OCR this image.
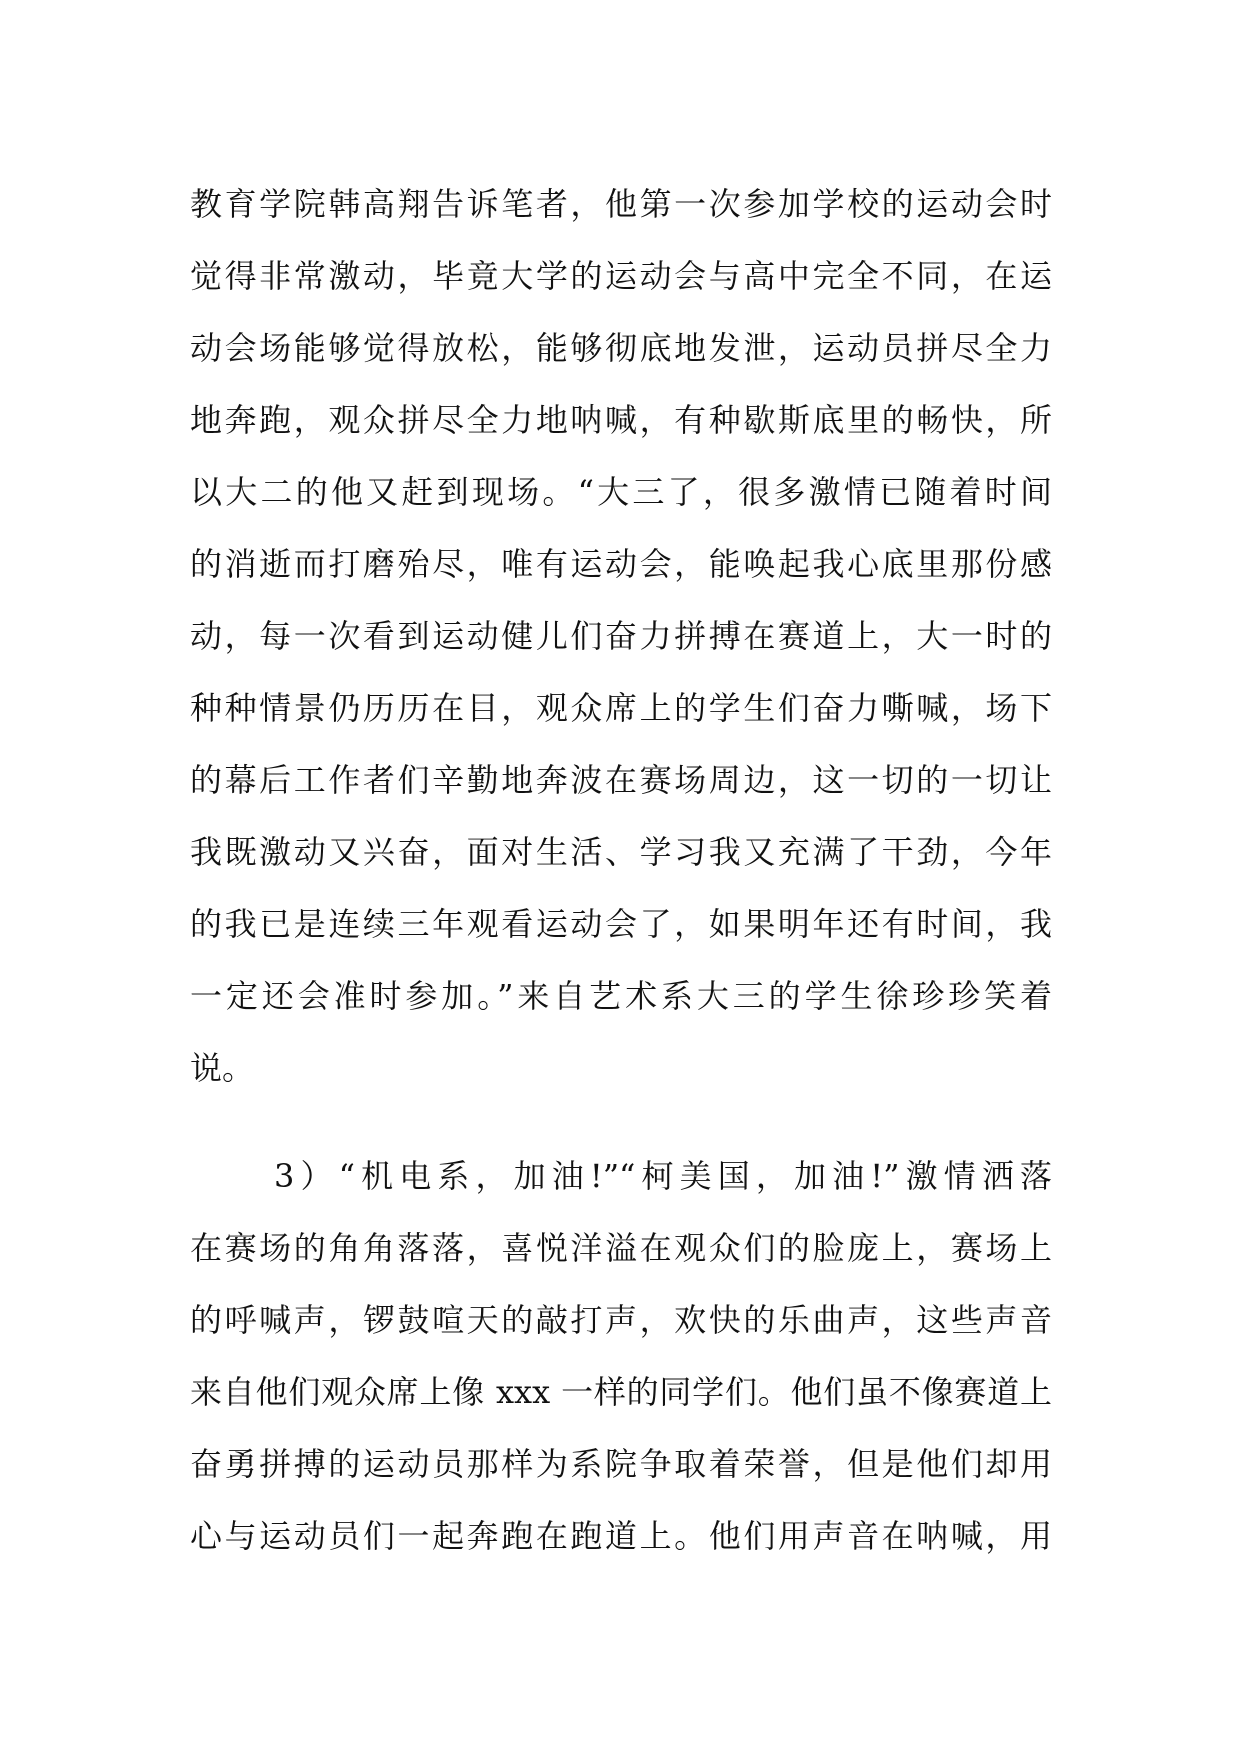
教育学院韩高翔告诉笔者，他第一次参加学校的运动会时
觉得非常激动，毕竟大学的运动会与高中完全不同，在运
动会场能够觉得放松，能够彻底地发泄，运动员拼尽全力
地奔跑，观众拼尽全力地呐喊，有种歇斯底里的畅快，所
以大二的他又赶到现场。“大三了，很多激情已随着时间
的消逝而打磨殆尽，唯有运动会，能唤起我心底里那份感
动，每一次看到运动健儿们奋力拼搏在赛道上，大一时的
种种情景仍历历在目，观众席上的学生们奋力嘶喊，场下
的幕后工作者们辛勤地奔波在赛场周边，这一切的一切让
我既激动又兴奋，面对生活、学习我又充满了干劲，今年
的我已是连续三年观看运动会了，如果明年还有时间，我
一定还会准时参加。”来自艺术系大三的学生徐珍珍笑着
说。
3）“机电系，加油!”“柯美国，加油!”激情洒落
在赛场的角角落落，喜悦洋溢在观众们的脸庞上，赛场上
的呼喊声，锣鼓喧天的敲打声，欢快的乐曲声，这些声音
来自他们观众席上像 xxx 一样的同学们。他们虽不像赛道上
奋勇拼搏的运动员那样为系院争取着荣誉，但是他们却用
心与运动员们一起奔跑在跑道上。他们用声音在呐喊，用
